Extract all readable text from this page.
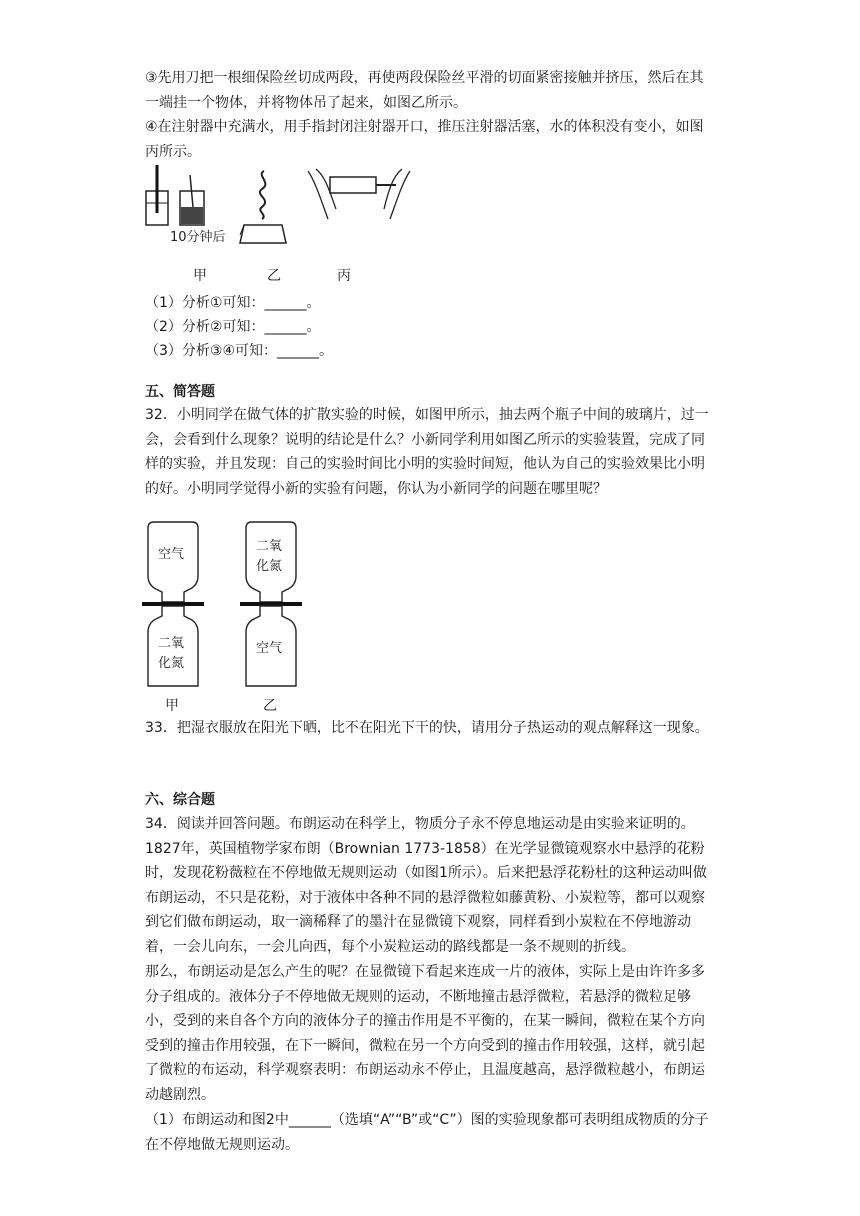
③先用刀把一根细保险丝切成两段，再使两段保险丝平滑的切面紧密接触并挤压，然后在其一端挂一个物体，并将物体吊了起来，如图乙所示。

④在注射器中充满水，用手指封闭注射器开口，推压注射器活塞，水的体积没有变小，如图丙所示。

10分钟后
甲	乙	丙

（1）分析①可知：______。

（2）分析②可知：______。

（3）分析③④可知：______。

五、简答题

32．小明同学在做气体的扩散实验的时候，如图甲所示，抽去两个瓶子中间的玻璃片，过一会，会看到什么现象？说明的结论是什么？小新同学利用如图乙所示的实验装置，完成了同样的实验，并且发现：自己的实验时间比小明的实验时间短，他认为自己的实验效果比小明的好。小明同学觉得小新的实验有问题，你认为小新同学的问题在哪里呢？

空气
二氧
化氮
二氧
化氮
空气
甲	乙

33．把湿衣服放在阳光下晒，比不在阳光下干的快，请用分子热运动的观点解释这一现象。

六、综合题

34．阅读并回答问题。布朗运动在科学上，物质分子永不停息地运动是由实验来证明的。1827年，英国植物学家布朗（Brownian 1773-1858）在光学显微镜观察水中悬浮的花粉时，发现花粉薇粒在不停地做无规则运动（如图1所示）。后来把悬浮花粉杜的这种运动叫做布朗运动，不只是花粉，对于液体中各种不同的悬浮微粒如藤黄粉、小炭粒等，都可以观察到它们做布朗运动，取一滴稀释了的墨汁在显微镜下观察，同样看到小炭粒在不停地游动着，一会儿向东，一会儿向西，每个小炭粒运动的路线都是一条不规则的折线。

那么，布朗运动是怎么产生的呢？在显微镜下看起来连成一片的液体，实际上是由许许多多分子组成的。液体分子不停地做无规则的运动，不断地撞击悬浮微粒，若悬浮的微粒足够小，受到的来自各个方向的液体分子的撞击作用是不平衡的，在某一瞬间，微粒在某个方向受到的撞击作用较强，在下一瞬间，微粒在另一个方向受到的撞击作用较强，这样，就引起了微粒的布运动，科学观察表明：布朗运动永不停止，且温度越高，悬浮微粒越小，布朗运动越剧烈。

（1）布朗运动和图2中______（选填“A”“B”或“C”）图的实验现象都可表明组成物质的分子在不停地做无规则运动。
